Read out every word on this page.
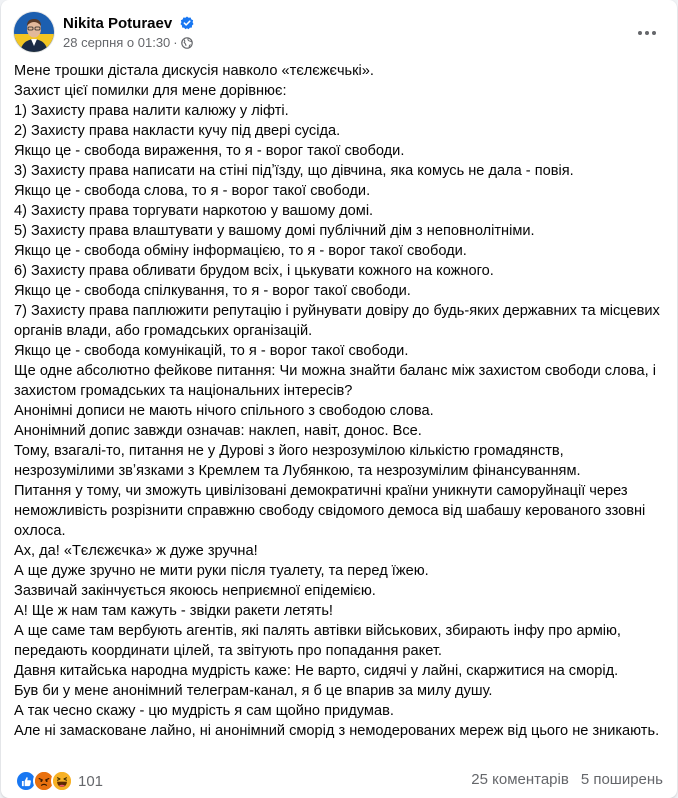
Nikita Poturaev
28 серпня о 01:30 ·

Мене трошки дістала дискусія навколо «тєлєжєчькі».

Захист цієї помилки для мене дорівнює:

1) Захисту права налити калюжу у ліфті.

2) Захисту права накласти кучу під двері сусіда.

Якщо це - свобода вираження, то я - ворог такої свободи.

3) Захисту права написати на стіні підʼїзду, що дівчина, яка комусь не дала - повія.

Якщо це - свобода слова, то я - ворог такої свободи.

4) Захисту права торгувати наркотою у вашому домі.

5) Захисту права влаштувати у вашому домі публічний дім з неповнолітніми.

Якщо це - свобода обміну інформацією, то я - ворог такої свободи.

6) Захисту права обливати брудом всіх, і цькувати кожного на кожного.

Якщо це - свобода спілкування, то я - ворог такої свободи.

7) Захисту права паплюжити репутацію і руйнувати довіру до будь-яких державних та місцевих органів влади, або громадських організацій.

Якщо це - свобода комунікацій, то я - ворог такої свободи.

Ще одне абсолютно фейкове питання: Чи можна знайти баланс між захистом свободи слова, і захистом громадських та національних інтересів?

Анонімні дописи не мають нічого спільного з свободою слова.

Анонімний допис завжди означав: наклеп, навіт, донос. Все.

Тому, взагалі-то, питання не у Дурові з його незрозумілою кількістю громадянств, незрозумілими звʼязками з Кремлем та Лубянкою, та незрозумілим фінансуванням.

Питання у тому, чи зможуть цивілізовані демократичні країни уникнути саморуйнації через неможливість розрізнити справжню свободу свідомого демоса від шабашу керованого ззовні охлоса.

Ах, да! «Тєлєжєчка» ж дуже зручна!

А ще дуже зручно не мити руки після туалету, та перед їжею.

Зазвичай закінчується якоюсь неприємної епідемією.

А! Ще ж нам там кажуть - звідки ракети летять!

А ще саме там вербують агентів, які палять автівки військових, збирають інфу про армію, передають координати цілей, та звітують про попадання ракет.

Давня китайська народна мудрість каже: Не варто, сидячі у лайні, скаржитися на сморід.

Був би у мене анонімний телеграм-канал, я б це впарив за милу душу.

А так чесно скажу - цю мудрість я сам щойно придумав.

Але ні замасковане лайно, ні анонімний сморід з немодерованих мереж від цього не зникають.

101	25 коментарів 5 поширень
